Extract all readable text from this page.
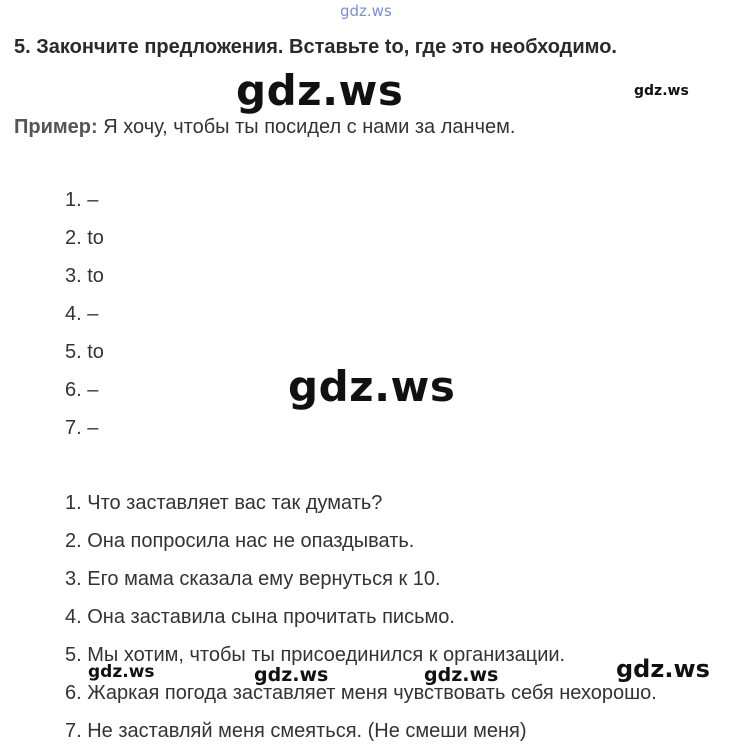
gdz.ws
5. Закончите предложения. Вставьте to, где это необходимо.
gdz.ws	gdz.ws
Пример: Я хочу, чтобы ты посидел с нами за ланчем.
1. –
2. to
3. to
4. –
5. to
6. –
7. –
gdz.ws
1. Что заставляет вас так думать?
2. Она попросила нас не опаздывать.
3. Его мама сказала ему вернуться к 10.
4. Она заставила сына прочитать письмо.
5. Мы хотим, чтобы ты присоединился к организации.
6. Жаркая погода заставляет меня чувствовать себя нехорошо.
7. Не заставляй меня смеяться. (Не смеши меня)
gdz.ws	gdz.ws	gdz.ws	gdz.ws
